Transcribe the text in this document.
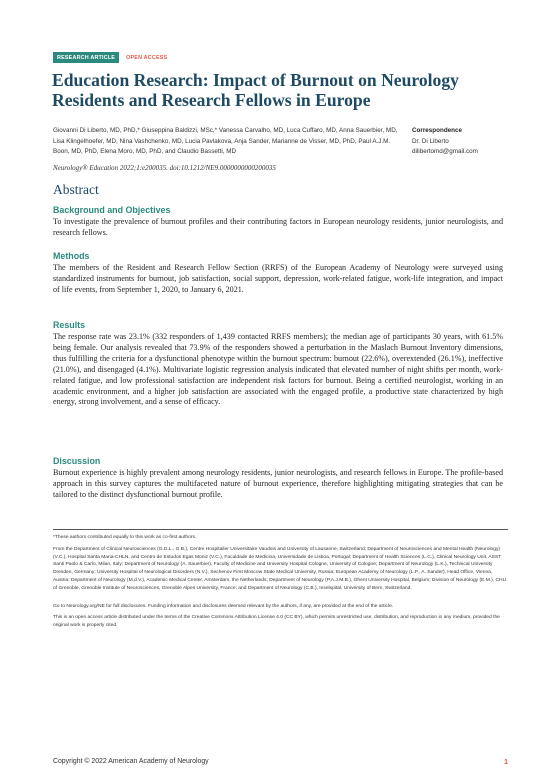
RESEARCH ARTICLE	OPEN ACCESS
Education Research: Impact of Burnout on Neurology Residents and Research Fellows in Europe
Giovanni Di Liberto, MD, PhD,* Giuseppina Baldizzi, MSc,* Vanessa Carvalho, MD, Luca Cuffaro, MD, Anna Sauerbier, MD, Lisa Klingelhoefer, MD, Nina Vashchenko, MD, Lucia Pavlakova, Anja Sander, Marianne de Visser, MD, PhD, Paul A.J.M. Boon, MD, PhD, Elena Moro, MD, PhD, and Claudio Bassetti, MD
Correspondence
Dr. Di Liberto
dilibertomd@gmail.com
Neurology® Education 2022;1:e200035. doi:10.1212/NE9.0000000000200035
Abstract
Background and Objectives
To investigate the prevalence of burnout profiles and their contributing factors in European neurology residents, junior neurologists, and research fellows.
Methods
The members of the Resident and Research Fellow Section (RRFS) of the European Academy of Neurology were surveyed using standardized instruments for burnout, job satisfaction, social support, depression, work-related fatigue, work-life integration, and impact of life events, from September 1, 2020, to January 6, 2021.
Results
The response rate was 23.1% (332 responders of 1,439 contacted RRFS members); the median age of participants 30 years, with 61.5% being female. Our analysis revealed that 73.9% of the responders showed a perturbation in the Maslach Burnout Inventory dimensions, thus fulfilling the criteria for a dysfunctional phenotype within the burnout spectrum: burnout (22.6%), overextended (26.1%), ineffective (21.0%), and disengaged (4.1%). Multivariate logistic regression analysis indicated that elevated number of night shifts per month, work-related fatigue, and low professional satisfaction are independent risk factors for burnout. Being a certified neurologist, working in an academic environment, and a higher job satisfaction are associated with the engaged profile, a productive state characterized by high energy, strong involvement, and a sense of efficacy.
Discussion
Burnout experience is highly prevalent among neurology residents, junior neurologists, and research fellows in Europe. The profile-based approach in this survey captures the multifaceted nature of burnout experience, therefore highlighting mitigating strategies that can be tailored to the distinct dysfunctional burnout profile.
*These authors contributed equally to this work as co-first authors.
From the Department of Clinical Neurosciences (G.D.L., G.B.), Centre Hospitalier Universitaire Vaudois and University of Lausanne, Switzerland; Department of Neurosciences and Mental Health (Neurology) (V.C.), Hospital Santa Maria-CHLN, and Centro de Estudos Egas Moniz (V.C.), Faculdade de Medicina, Universidade de Lisboa, Portugal; Department of Health Sciences (L.C.), Clinical Neurology Unit, ASST Santi Paolo & Carlo, Milan, Italy; Department of Neurology (A. Sauerbier), Faculty of Medicine and University Hospital Cologne, University of Cologne; Department of Neurology (L.K.), Technical University Dresden, Germany; University Hospital of Neurological Disorders (N.V.), Sechenov First Moscow State Medical University, Russia; European Academy of Neurology (L.P., A. Sander), Head Office, Vienna, Austria; Department of Neurology (M.d.V.), Academic Medical Center, Amsterdam, the Netherlands; Department of Neurology (P.A.J.M.B.), Ghent University Hospital, Belgium; Division of Neurology (E.M.), CHU of Grenoble, Grenoble Institute of Neurosciences, Grenoble Alpes University, France; and Department of Neurology (C.B.), Inselspital, University of Bern, Switzerland.
Go to Neurology.org/NE for full disclosures. Funding information and disclosures deemed relevant by the authors, if any, are provided at the end of the article.
This is an open access article distributed under the terms of the Creative Commons Attribution License 4.0 (CC BY), which permits unrestricted use, distribution, and reproduction in any medium, provided the original work is properly cited.
Copyright © 2022 American Academy of Neurology	1
